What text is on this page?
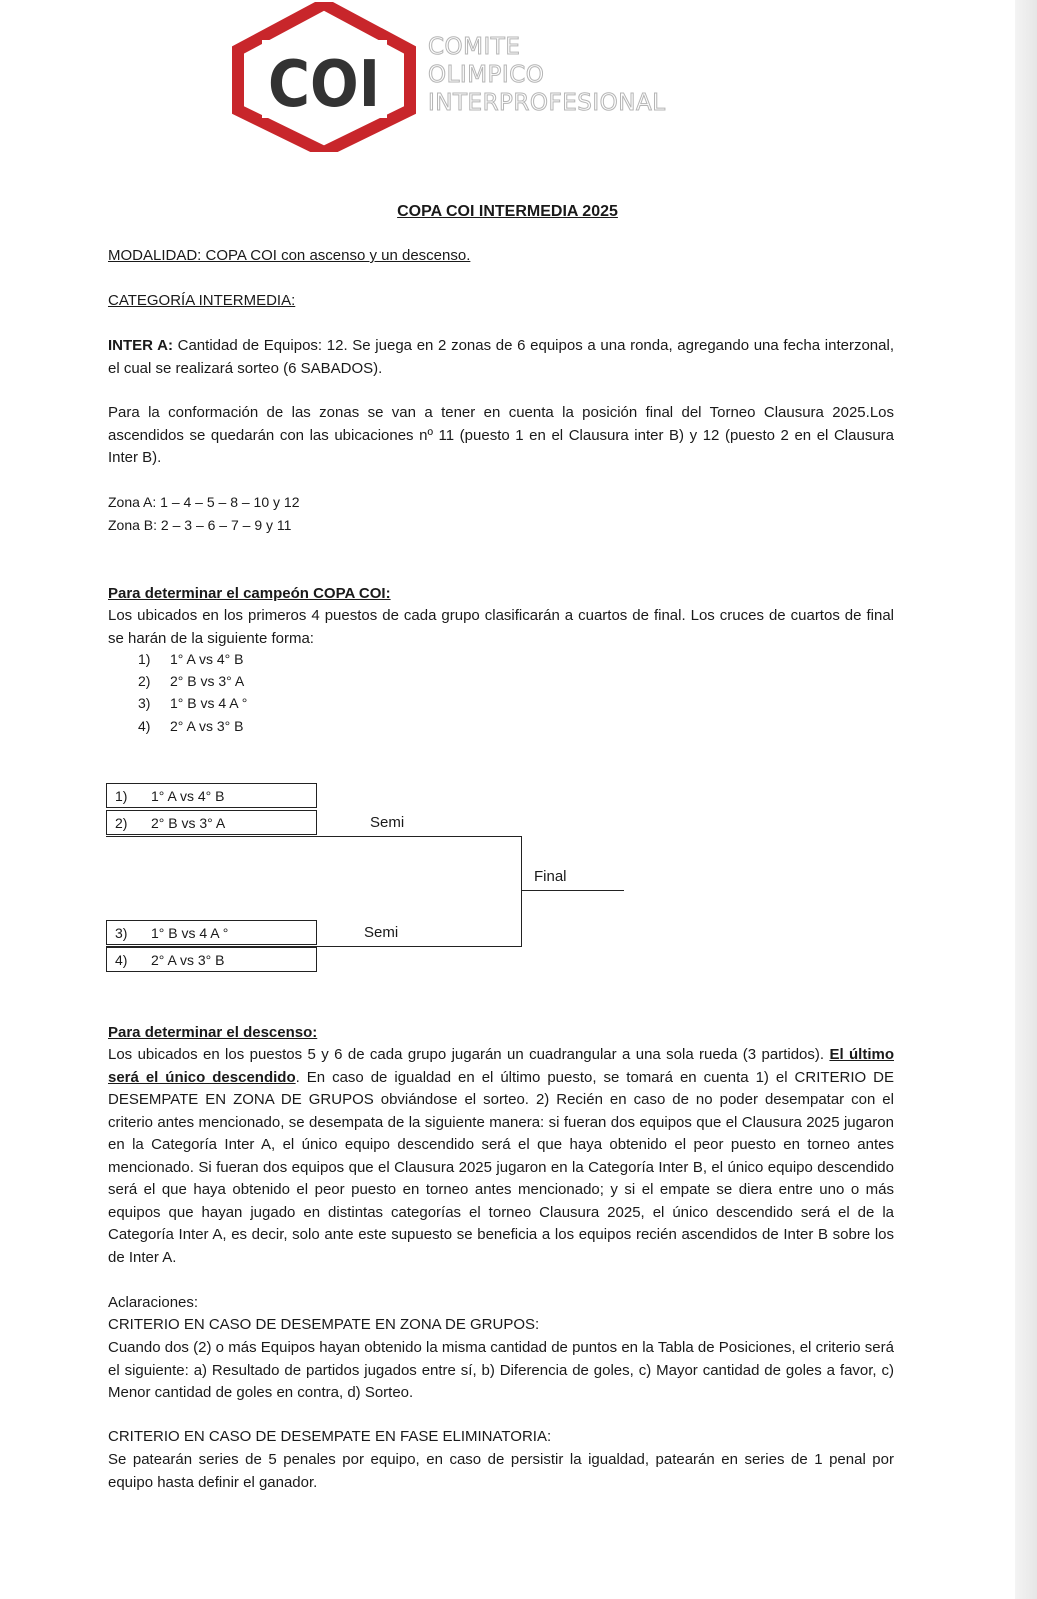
COI

COMITE

OLIMPICO

INTERPROFESIONAL

COPA COI INTERMEDIA 2025

MODALIDAD: COPA COI con ascenso y un descenso.

CATEGORÍA INTERMEDIA:

INTER A: Cantidad de Equipos: 12. Se juega en 2 zonas de 6 equipos a una ronda, agregando una fecha interzonal, el cual se realizará sorteo (6 SABADOS).

Para la conformación de las zonas se van a tener en cuenta la posición final del Torneo Clausura 2025.Los ascendidos se quedarán con las ubicaciones nº 11 (puesto 1 en el Clausura inter B) y 12 (puesto 2 en el Clausura Inter B).

Zona A: 1 – 4 – 5 – 8 – 10 y 12

Zona B: 2 – 3 – 6 – 7 – 9 y 11

Para determinar el campeón COPA COI:

Los ubicados en los primeros 4 puestos de cada grupo clasificarán a cuartos de final. Los cruces de cuartos de final se harán de la siguiente forma:

1) 1° A vs 4° B

2) 2° B vs 3° A

3) 1° B vs 4 A °

4) 2° A vs 3° B

1) 1° A vs 4° B
2) 2° B vs 3° A
3) 1° B vs 4 A °
4) 2° A vs 3° B
Semi
Semi
Final

Para determinar el descenso:

Los ubicados en los puestos 5 y 6 de cada grupo jugarán un cuadrangular a una sola rueda (3 partidos). El último será el único descendido. En caso de igualdad en el último puesto, se tomará en cuenta 1) el CRITERIO DE DESEMPATE EN ZONA DE GRUPOS obviándose el sorteo. 2) Recién en caso de no poder desempatar con el criterio antes mencionado, se desempata de la siguiente manera: si fueran dos equipos que el Clausura 2025 jugaron en la Categoría Inter A, el único equipo descendido será el que haya obtenido el peor puesto en torneo antes mencionado. Si fueran dos equipos que el Clausura 2025 jugaron en la Categoría Inter B, el único equipo descendido será el que haya obtenido el peor puesto en torneo antes mencionado; y si el empate se diera entre uno o más equipos que hayan jugado en distintas categorías el torneo Clausura 2025, el único descendido será el de la Categoría Inter A, es decir, solo ante este supuesto se beneficia a los equipos recién ascendidos de Inter B sobre los de Inter A.

Aclaraciones:

CRITERIO EN CASO DE DESEMPATE EN ZONA DE GRUPOS:

Cuando dos (2) o más Equipos hayan obtenido la misma cantidad de puntos en la Tabla de Posiciones, el criterio será el siguiente: a) Resultado de partidos jugados entre sí, b) Diferencia de goles, c) Mayor cantidad de goles a favor, c) Menor cantidad de goles en contra, d) Sorteo.

CRITERIO EN CASO DE DESEMPATE EN FASE ELIMINATORIA:

Se patearán series de 5 penales por equipo, en caso de persistir la igualdad, patearán en series de 1 penal por equipo hasta definir el ganador.
